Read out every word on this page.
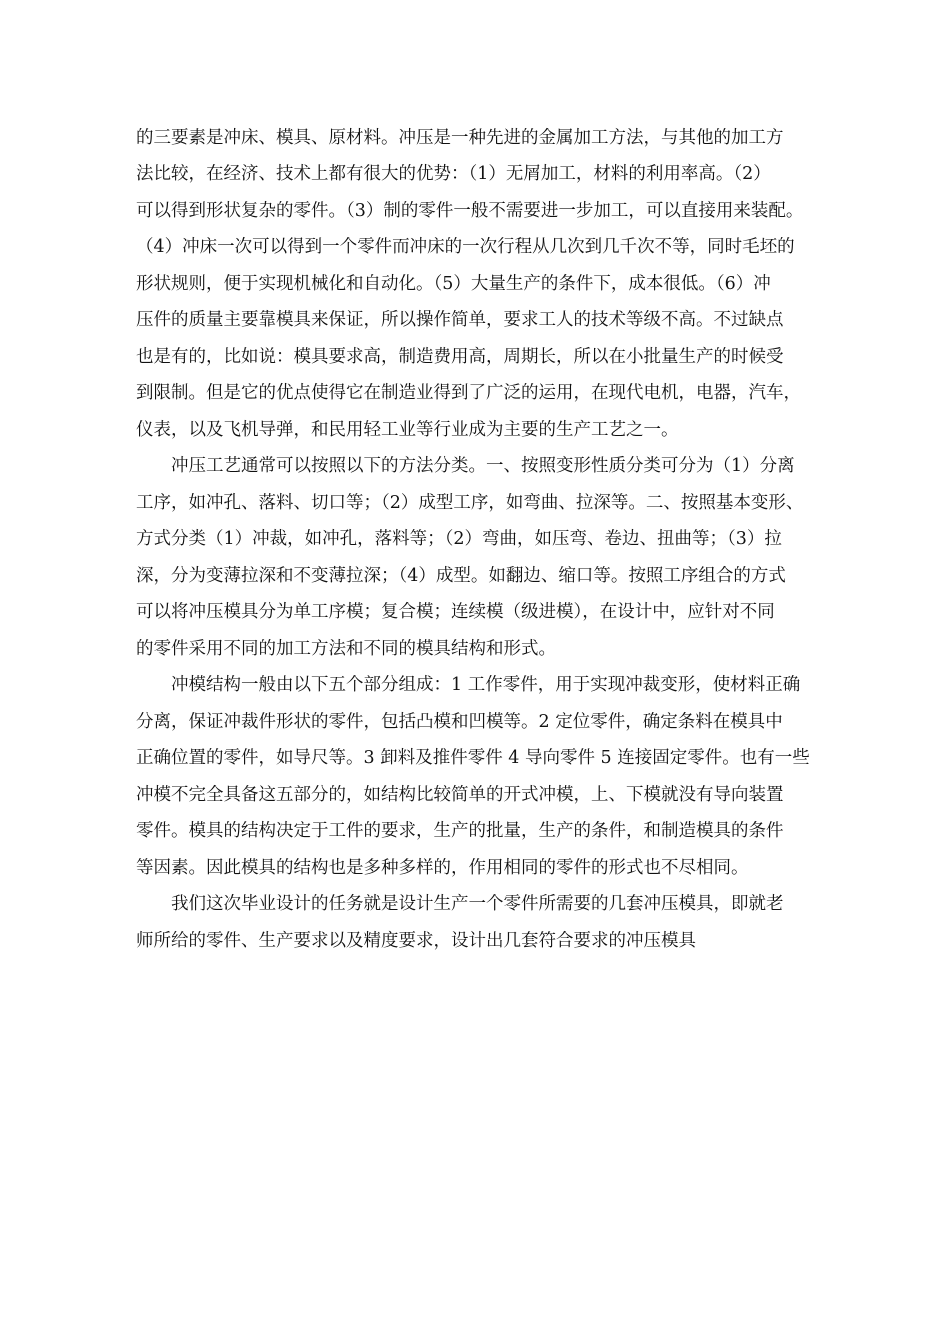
的三要素是冲床、模具、原材料。冲压是一种先进的金属加工方法，与其他的加工方
法比较，在经济、技术上都有很大的优势：（1）无屑加工，材料的利用率高。（2）
可以得到形状复杂的零件。（3）制的零件一般不需要进一步加工，可以直接用来装配。
（4）冲床一次可以得到一个零件而冲床的一次行程从几次到几千次不等，同时毛坯的
形状规则，便于实现机械化和自动化。（5）大量生产的条件下，成本很低。（6）冲
压件的质量主要靠模具来保证，所以操作简单，要求工人的技术等级不高。不过缺点
也是有的，比如说：模具要求高，制造费用高，周期长，所以在小批量生产的时候受
到限制。但是它的优点使得它在制造业得到了广泛的运用，在现代电机，电器，汽车，
仪表，以及飞机导弹，和民用轻工业等行业成为主要的生产工艺之一。
冲压工艺通常可以按照以下的方法分类。一、按照变形性质分类可分为（1）分离
工序，如冲孔、落料、切口等；（2）成型工序，如弯曲、拉深等。二、按照基本变形、
方式分类（1）冲裁，如冲孔，落料等；（2）弯曲，如压弯、卷边、扭曲等；（3）拉
深，分为变薄拉深和不变薄拉深；（4）成型。如翻边、缩口等。按照工序组合的方式
可以将冲压模具分为单工序模；复合模；连续模（级进模），在设计中，应针对不同
的零件采用不同的加工方法和不同的模具结构和形式。
冲模结构一般由以下五个部分组成：1 工作零件，用于实现冲裁变形，使材料正确
分离，保证冲裁件形状的零件，包括凸模和凹模等。2 定位零件，确定条料在模具中
正确位置的零件，如导尺等。3 卸料及推件零件 4 导向零件 5 连接固定零件。也有一些
冲模不完全具备这五部分的，如结构比较简单的开式冲模，上、下模就没有导向装置
零件。模具的结构决定于工件的要求，生产的批量，生产的条件，和制造模具的条件
等因素。因此模具的结构也是多种多样的，作用相同的零件的形式也不尽相同。
我们这次毕业设计的任务就是设计生产一个零件所需要的几套冲压模具，即就老
师所给的零件、生产要求以及精度要求，设计出几套符合要求的冲压模具
